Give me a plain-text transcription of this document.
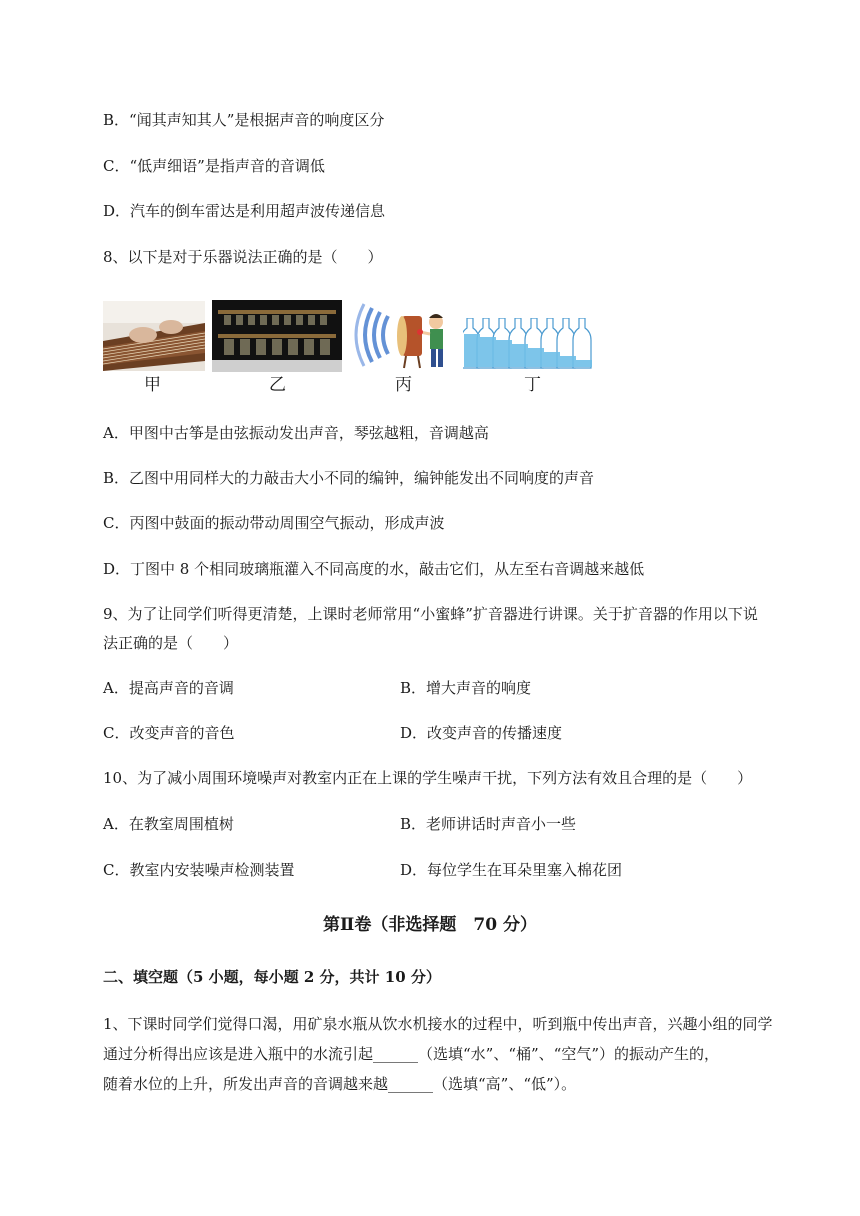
B．“闻其声知其人”是根据声音的响度区分
C．“低声细语”是指声音的音调低
D．汽车的倒车雷达是利用超声波传递信息
8、以下是对于乐器说法正确的是（　　）
甲	乙	丙	丁
A．甲图中古筝是由弦振动发出声音，琴弦越粗，音调越高
B．乙图中用同样大的力敲击大小不同的编钟，编钟能发出不同响度的声音
C．丙图中鼓面的振动带动周围空气振动，形成声波
D．丁图中 8 个相同玻璃瓶灌入不同高度的水，敲击它们，从左至右音调越来越低
9、为了让同学们听得更清楚，上课时老师常用“小蜜蜂”扩音器进行讲课。关于扩音器的作用以下说
法正确的是（　　）
A．提高声音的音调	B．增大声音的响度
C．改变声音的音色	D．改变声音的传播速度
10、为了减小周围环境噪声对教室内正在上课的学生噪声干扰，下列方法有效且合理的是（　　）
A．在教室周围植树	B．老师讲话时声音小一些
C．教室内安装噪声检测装置	D．每位学生在耳朵里塞入棉花团
第Ⅱ卷（非选择题　70 分）
二、填空题（5 小题，每小题 2 分，共计 10 分）
1、下课时同学们觉得口渴，用矿泉水瓶从饮水机接水的过程中，听到瓶中传出声音，兴趣小组的同学
通过分析得出应该是进入瓶中的水流引起______（选填“水”、“桶”、“空气”）的振动产生的，
随着水位的上升，所发出声音的音调越来越______（选填“高”、“低”）。
